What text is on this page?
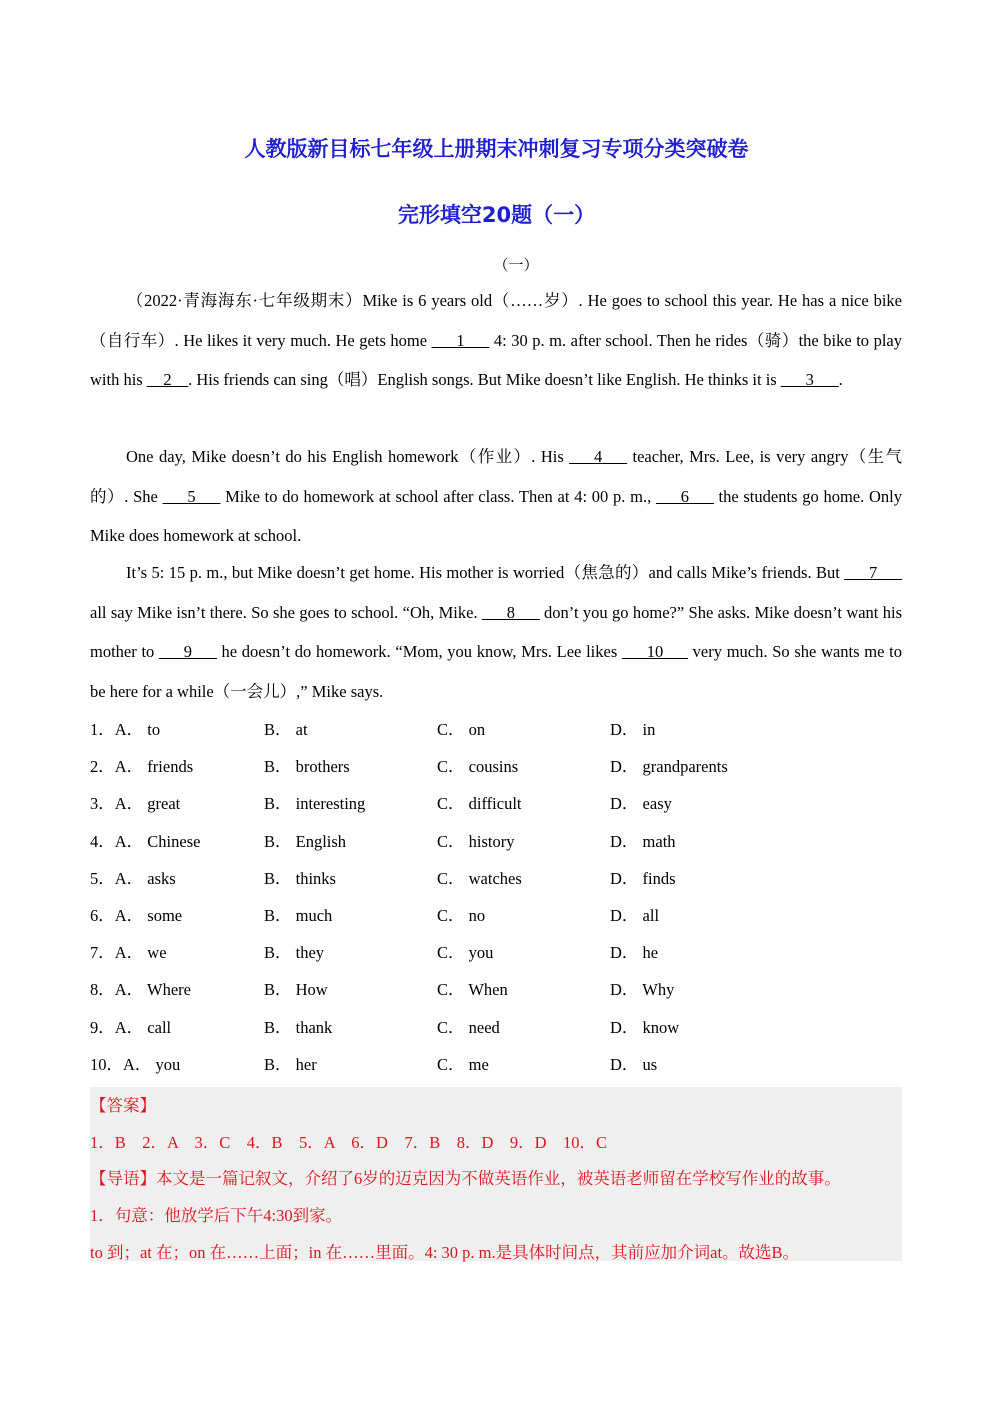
人教版新目标七年级上册期末冲刺复习专项分类突破卷
完形填空20题（一）
（一）

（2022·青海海东·七年级期末）Mike is 6 years old（……岁）. He goes to school this year. He has a nice bike（自行车）. He likes it very much. He gets home ___1___ 4: 30 p. m. after school. Then he rides（骑）the bike to play with his __2__. His friends can sing（唱）English songs. But Mike doesn’t like English. He thinks it is ___3___.

One day, Mike doesn’t do his English homework（作业）. His ___4___ teacher, Mrs. Lee, is very angry（生气的）. She ___5___ Mike to do homework at school after class. Then at 4: 00 p. m., ___6___ the students go home. Only Mike does homework at school.

It’s 5: 15 p. m., but Mike doesn’t get home. His mother is worried（焦急的）and calls Mike’s friends. But ___7___ all say Mike isn’t there. So she goes to school. “Oh, Mike. ___8___ don’t you go home?” She asks. Mike doesn’t want his mother to ___9___ he doesn’t do homework. “Mom, you know, Mrs. Lee likes ___10___ very much. So she wants me to be here for a while（一会儿）,” Mike says.

1．A． to	B． at	C． on	D． in
2．A． friends	B． brothers	C． cousins	D． grandparents
3．A． great	B． interesting	C． difficult	D． easy
4．A． Chinese	B． English	C． history	D． math
5．A． asks	B． thinks	C． watches	D． finds
6．A． some	B． much	C． no	D． all
7．A． we	B． they	C． you	D． he
8．A． Where	B． How	C． When	D． Why
9．A． call	B． thank	C． need	D． know
10．A． you	B． her	C． me	D． us
【答案】
1．B　2．A　3．C　4．B　5．A　6．D　7．B　8．D　9．D　10．C
【导语】本文是一篇记叙文，介绍了6岁的迈克因为不做英语作业，被英语老师留在学校写作业的故事。
1．句意：他放学后下午4:30到家。
to 到；at 在；on 在……上面；in 在……里面。4: 30 p. m.是具体时间点，其前应加介词at。故选B。
